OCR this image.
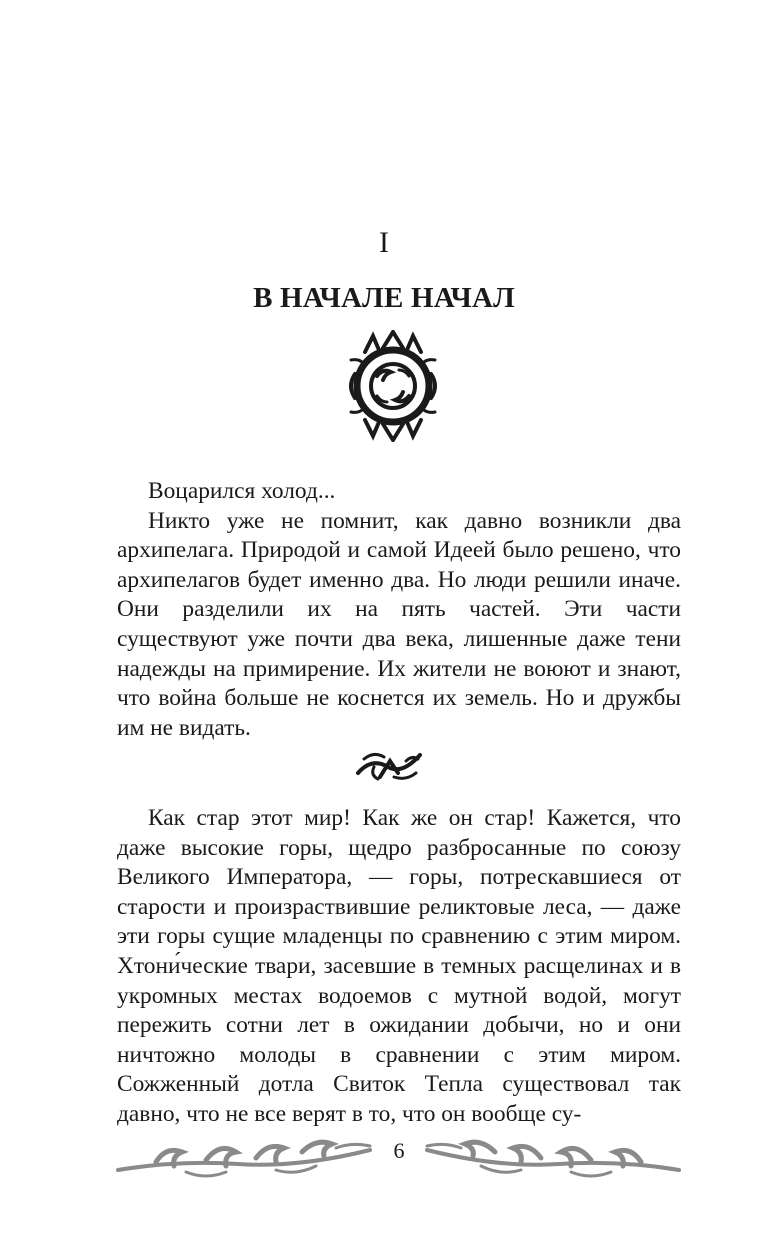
I
В НАЧАЛЕ НАЧАЛ

Воцарился холод...

Никто уже не помнит, как давно возникли два архипелага. Природой и самой Идеей было решено, что архипелагов будет именно два. Но люди решили иначе. Они разделили их на пять частей. Эти части существуют уже почти два века, лишенные даже тени надежды на примирение. Их жители не воюют и знают, что война больше не коснется их земель. Но и дружбы им не видать.

Как стар этот мир! Как же он стар! Кажется, что даже высокие горы, щедро разбросанные по союзу Великого Императора, — горы, потрескавшиеся от старости и произраствившие реликтовые леса, — даже эти горы сущие младенцы по сравнению с этим миром. Хтони́ческие твари, засевшие в темных расщелинах и в укромных местах водоемов с мутной водой, могут пережить сотни лет в ожидании добычи, но и они ничтожно молоды в сравнении с этим миром. Сожженный дотла Свиток Тепла существовал так давно, что не все верят в то, что он вообще су-

6
